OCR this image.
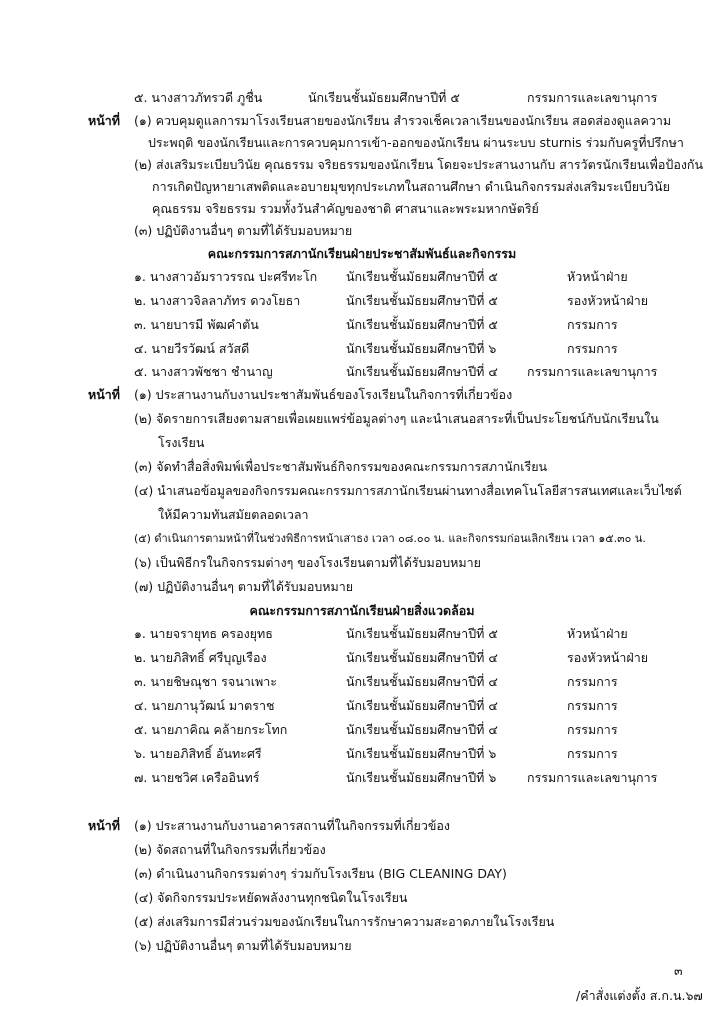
๕. นางสาวภัทรวดี ภูชื่น	นักเรียนชั้นมัธยมศึกษาปีที่ ๕	กรรมการและเลขานุการ
หน้าที่ (๑) ควบคุมดูแลการมาโรงเรียนสายของนักเรียน สำรวจเช็คเวลาเรียนของนักเรียน สอดส่องดูแลความ
ประพฤติ ของนักเรียนและการควบคุมการเข้า-ออกของนักเรียน ผ่านระบบ sturnis ร่วมกับครูที่ปรึกษา
(๒) ส่งเสริมระเบียบวินัย คุณธรรม จริยธรรมของนักเรียน โดยจะประสานงานกับ สารวัตรนักเรียนเพื่อป้องกัน
การเกิดปัญหายาเสพติดและอบายมุขทุกประเภทในสถานศึกษา ดำเนินกิจกรรมส่งเสริมระเบียบวินัย
คุณธรรม จริยธรรม รวมทั้งวันสำคัญของชาติ ศาสนาและพระมหากษัตริย์
(๓) ปฏิบัติงานอื่นๆ ตามที่ได้รับมอบหมาย
คณะกรรมการสภานักเรียนฝ่ายประชาสัมพันธ์และกิจกรรม
๑. นางสาวอัมราวรรณ ปะศรีทะโก นักเรียนชั้นมัธยมศึกษาปีที่ ๕	หัวหน้าฝ่าย
๒. นางสาวจิลลาภัทร ดวงโยธา	นักเรียนชั้นมัธยมศึกษาปีที่ ๕	รองหัวหน้าฝ่าย
๓. นายบารมี พัฒคำตัน	นักเรียนชั้นมัธยมศึกษาปีที่ ๕	กรรมการ
๔. นายวีรวัฒน์ สวัสดี	นักเรียนชั้นมัธยมศึกษาปีที่ ๖	กรรมการ
๕. นางสาวพัชชา ชำนาญ	นักเรียนชั้นมัธยมศึกษาปีที่ ๔ กรรมการและเลขานุการ
หน้าที่ (๑) ประสานงานกับงานประชาสัมพันธ์ของโรงเรียนในกิจการที่เกี่ยวข้อง
(๒) จัดรายการเสียงตามสายเพื่อเผยแพร่ข้อมูลต่างๆ และนำเสนอสาระที่เป็นประโยชน์กับนักเรียนใน
โรงเรียน
(๓) จัดทำสื่อสิ่งพิมพ์เพื่อประชาสัมพันธ์กิจกรรมของคณะกรรมการสภานักเรียน
(๔) นำเสนอข้อมูลของกิจกรรมคณะกรรมการสภานักเรียนผ่านทางสื่อเทคโนโลยีสารสนเทศและเว็บไซต์
ให้มีความทันสมัยตลอดเวลา
(๕) ดำเนินการตามหน้าที่ในช่วงพิธีการหน้าเสาธง เวลา ๐๘.๐๐ น. และกิจกรรมก่อนเลิกเรียน เวลา ๑๕.๓๐ น.
(๖) เป็นพิธีกรในกิจกรรมต่างๆ ของโรงเรียนตามที่ได้รับมอบหมาย
(๗) ปฏิบัติงานอื่นๆ ตามที่ได้รับมอบหมาย
คณะกรรมการสภานักเรียนฝ่ายสิ่งแวดล้อม
๑. นายจรายุทธ ครองยุทธ	นักเรียนชั้นมัธยมศึกษาปีที่ ๕	หัวหน้าฝ่าย
๒. นายภิสิทธิ์ ศรีบุญเรือง	นักเรียนชั้นมัธยมศึกษาปีที่ ๔	รองหัวหน้าฝ่าย
๓. นายชิษณุชา รจนาเพาะ	นักเรียนชั้นมัธยมศึกษาปีที่ ๔	กรรมการ
๔. นายภานุวัฒน์ มาตราช	นักเรียนชั้นมัธยมศึกษาปีที่ ๔	กรรมการ
๕. นายภาคิณ คล้ายกระโทก	นักเรียนชั้นมัธยมศึกษาปีที่ ๔	กรรมการ
๖. นายอภิสิทธิ์ อันทะศรี	นักเรียนชั้นมัธยมศึกษาปีที่ ๖	กรรมการ
๗. นายชวิศ เครืออินทร์	นักเรียนชั้นมัธยมศึกษาปีที่ ๖ กรรมการและเลขานุการ
หน้าที่ (๑) ประสานงานกับงานอาคารสถานที่ในกิจกรรมที่เกี่ยวข้อง
(๒) จัดสถานที่ในกิจกรรมที่เกี่ยวข้อง
(๓) ดำเนินงานกิจกรรมต่างๆ ร่วมกับโรงเรียน (BIG CLEANING DAY)
(๔) จัดกิจกรรมประหยัดพลังงานทุกชนิดในโรงเรียน
(๕) ส่งเสริมการมีส่วนร่วมของนักเรียนในการรักษาความสะอาดภายในโรงเรียน
(๖) ปฏิบัติงานอื่นๆ ตามที่ได้รับมอบหมาย
๓
/คำสั่งแต่งตั้ง ส.ก.น.๖๗
